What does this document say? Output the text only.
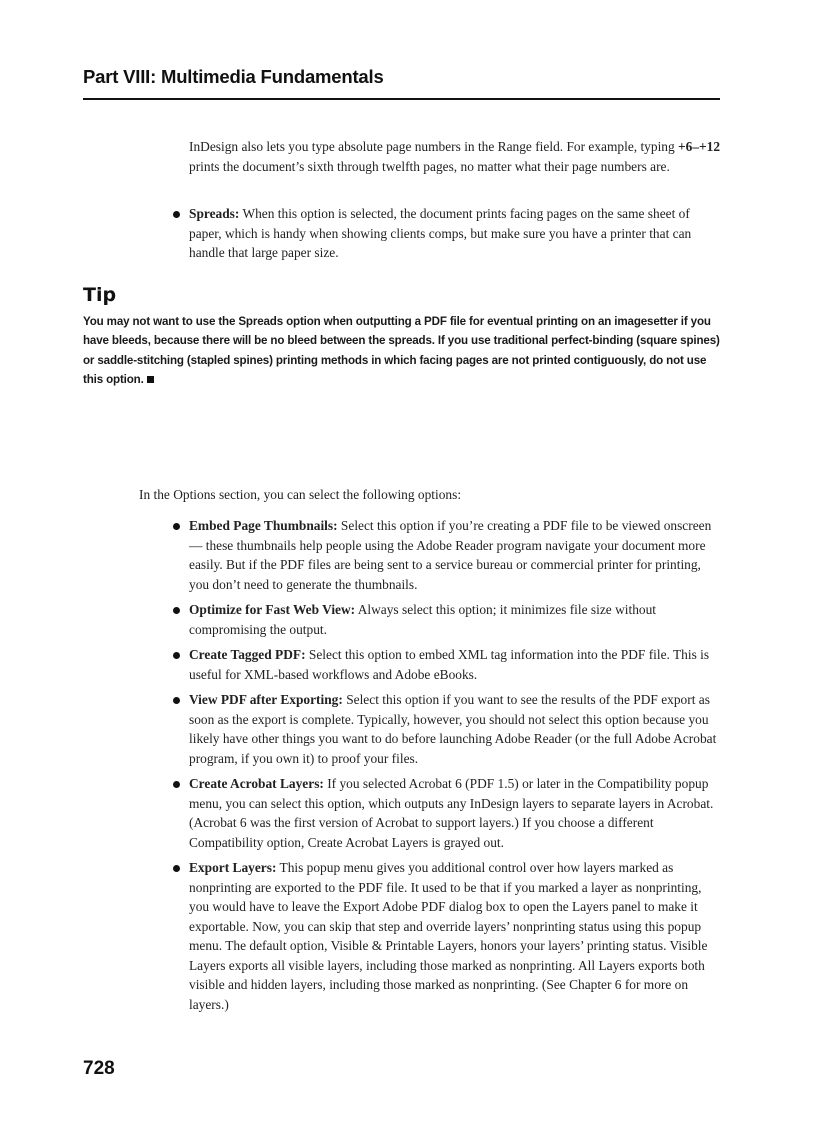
Part VIII: Multimedia Fundamentals

InDesign also lets you type absolute page numbers in the Range field. For example, typing +6–+12 prints the document’s sixth through twelfth pages, no matter what their page numbers are.

Spreads: When this option is selected, the document prints facing pages on the same sheet of paper, which is handy when showing clients comps, but make sure you have a printer that can handle that large paper size.
Tip
You may not want to use the Spreads option when outputting a PDF file for eventual printing on an imagesetter if you have bleeds, because there will be no bleed between the spreads. If you use traditional perfect-binding (square spines) or saddle-stitching (stapled spines) printing methods in which facing pages are not printed contiguously, do not use this option.

In the Options section, you can select the following options:

Embed Page Thumbnails: Select this option if you’re creating a PDF file to be viewed onscreen — these thumbnails help people using the Adobe Reader program navigate your document more easily. But if the PDF files are being sent to a service bureau or commercial printer for printing, you don’t need to generate the thumbnails.
Optimize for Fast Web View: Always select this option; it minimizes file size without compromising the output.
Create Tagged PDF: Select this option to embed XML tag information into the PDF file. This is useful for XML-based workflows and Adobe eBooks.
View PDF after Exporting: Select this option if you want to see the results of the PDF export as soon as the export is complete. Typically, however, you should not select this option because you likely have other things you want to do before launching Adobe Reader (or the full Adobe Acrobat program, if you own it) to proof your files.
Create Acrobat Layers: If you selected Acrobat 6 (PDF 1.5) or later in the Compatibility popup menu, you can select this option, which outputs any InDesign layers to separate layers in Acrobat. (Acrobat 6 was the first version of Acrobat to support layers.) If you choose a different Compatibility option, Create Acrobat Layers is grayed out.
Export Layers: This popup menu gives you additional control over how layers marked as nonprinting are exported to the PDF file. It used to be that if you marked a layer as nonprinting, you would have to leave the Export Adobe PDF dialog box to open the Layers panel to make it exportable. Now, you can skip that step and override layers’ nonprinting status using this popup menu. The default option, Visible & Printable Layers, honors your layers’ printing status. Visible Layers exports all visible layers, including those marked as nonprinting. All Layers exports both visible and hidden layers, including those marked as nonprinting. (See Chapter 6 for more on layers.)
728
